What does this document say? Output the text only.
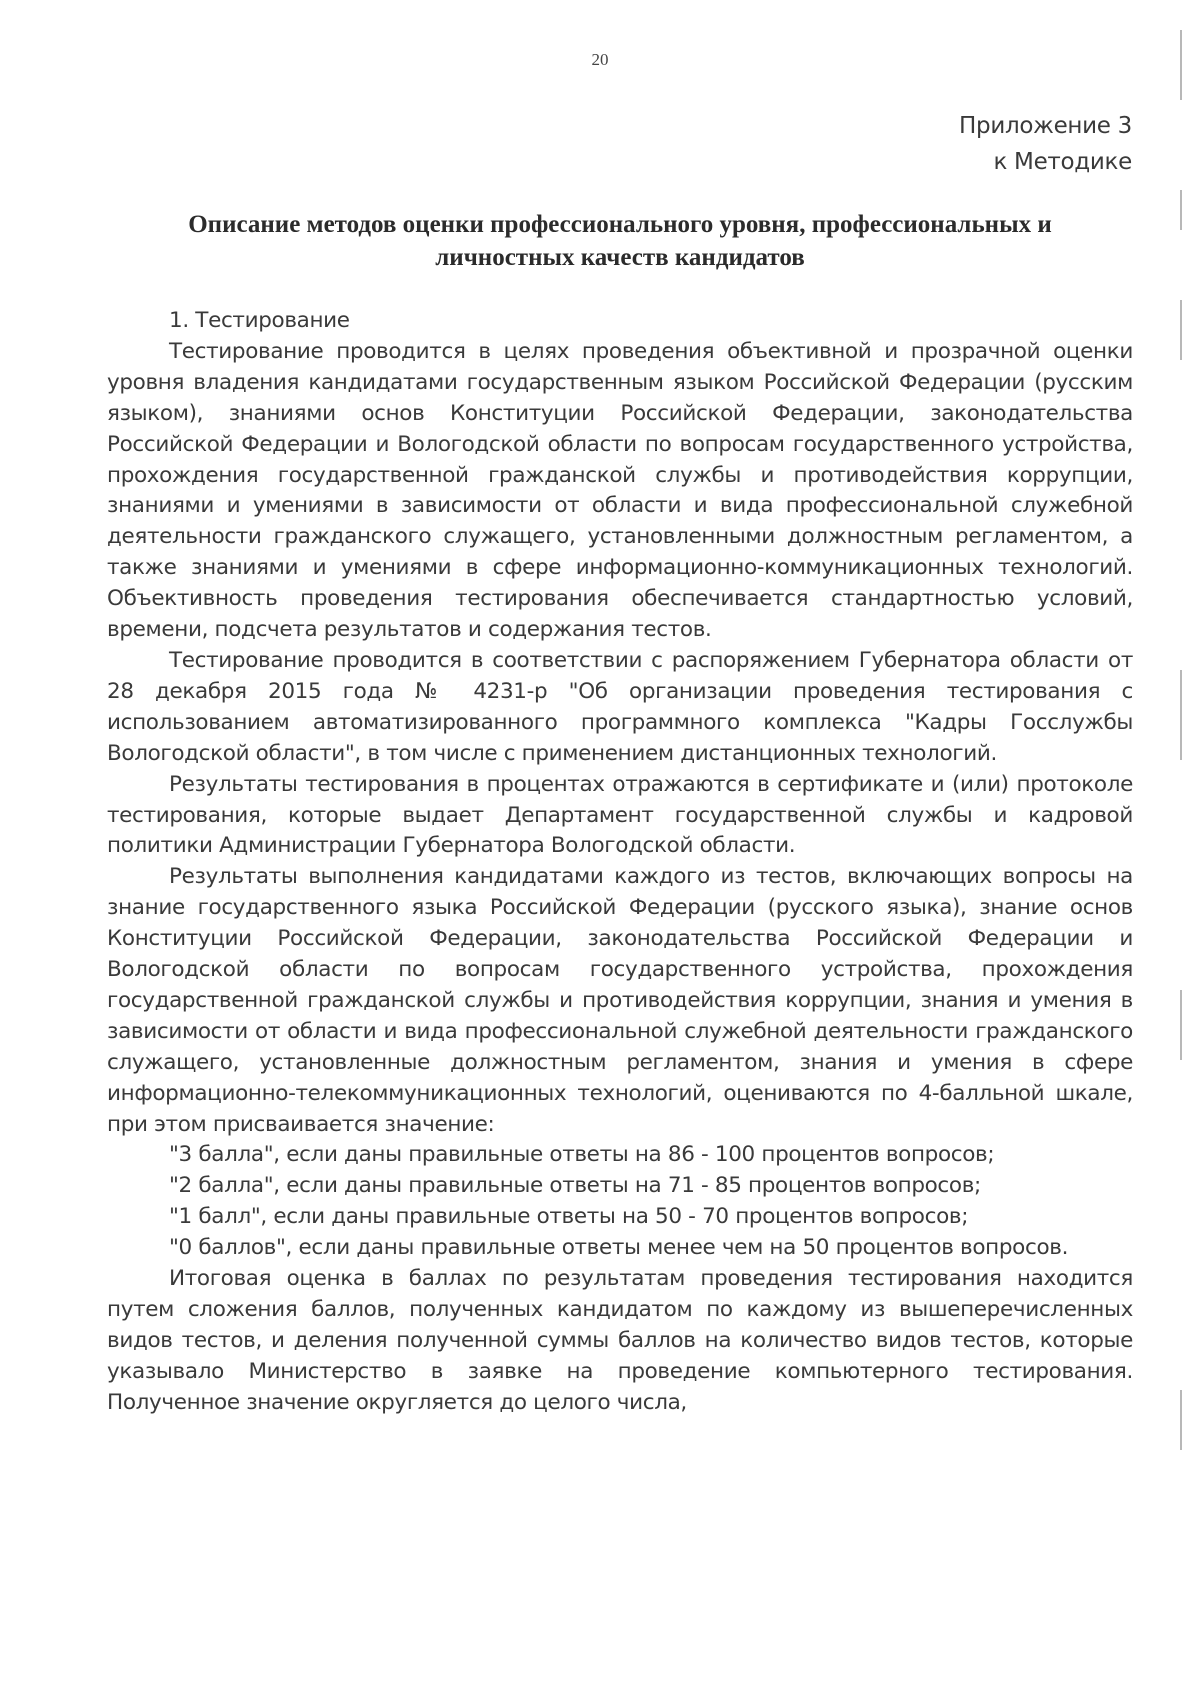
20
Приложение 3
к Методике
Описание методов оценки профессионального уровня, профессиональных и
личностных качеств кандидатов

1. Тестирование

Тестирование проводится в целях проведения объективной и прозрачной оценки уровня владения кандидатами государственным языком Российской Федерации (русским языком), знаниями основ Конституции Российской Федерации, законодательства Российской Федерации и Вологодской области по вопросам государственного устройства, прохождения государственной гражданской службы и противодействия коррупции, знаниями и умениями в зависимости от области и вида профессиональной служебной деятельности гражданского служащего, установленными должностным регламентом, а также знаниями и умениями в сфере информационно-коммуникационных технологий. Объективность проведения тестирования обеспечивается стандартностью условий, времени, подсчета результатов и содержания тестов.

Тестирование проводится в соответствии с распоряжением Губернатора области от 28 декабря 2015 года № 4231-р "Об организации проведения тестирования с использованием автоматизированного программного комплекса "Кадры Госслужбы Вологодской области", в том числе с применением дистанционных технологий.

Результаты тестирования в процентах отражаются в сертификате и (или) протоколе тестирования, которые выдает Департамент государственной службы и кадровой политики Администрации Губернатора Вологодской области.

Результаты выполнения кандидатами каждого из тестов, включающих вопросы на знание государственного языка Российской Федерации (русского языка), знание основ Конституции Российской Федерации, законодательства Российской Федерации и Вологодской области по вопросам государственного устройства, прохождения государственной гражданской службы и противодействия коррупции, знания и умения в зависимости от области и вида профессиональной служебной деятельности гражданского служащего, установленные должностным регламентом, знания и умения в сфере информационно-телекоммуникационных технологий, оцениваются по 4-балльной шкале, при этом присваивается значение:

"3 балла", если даны правильные ответы на 86 - 100 процентов вопросов;

"2 балла", если даны правильные ответы на 71 - 85 процентов вопросов;

"1 балл", если даны правильные ответы на 50 - 70 процентов вопросов;

"0 баллов", если даны правильные ответы менее чем на 50 процентов вопросов.

Итоговая оценка в баллах по результатам проведения тестирования находится путем сложения баллов, полученных кандидатом по каждому из вышеперечисленных видов тестов, и деления полученной суммы баллов на количество видов тестов, которые указывало Министерство в заявке на проведение компьютерного тестирования. Полученное значение округляется до целого числа,
